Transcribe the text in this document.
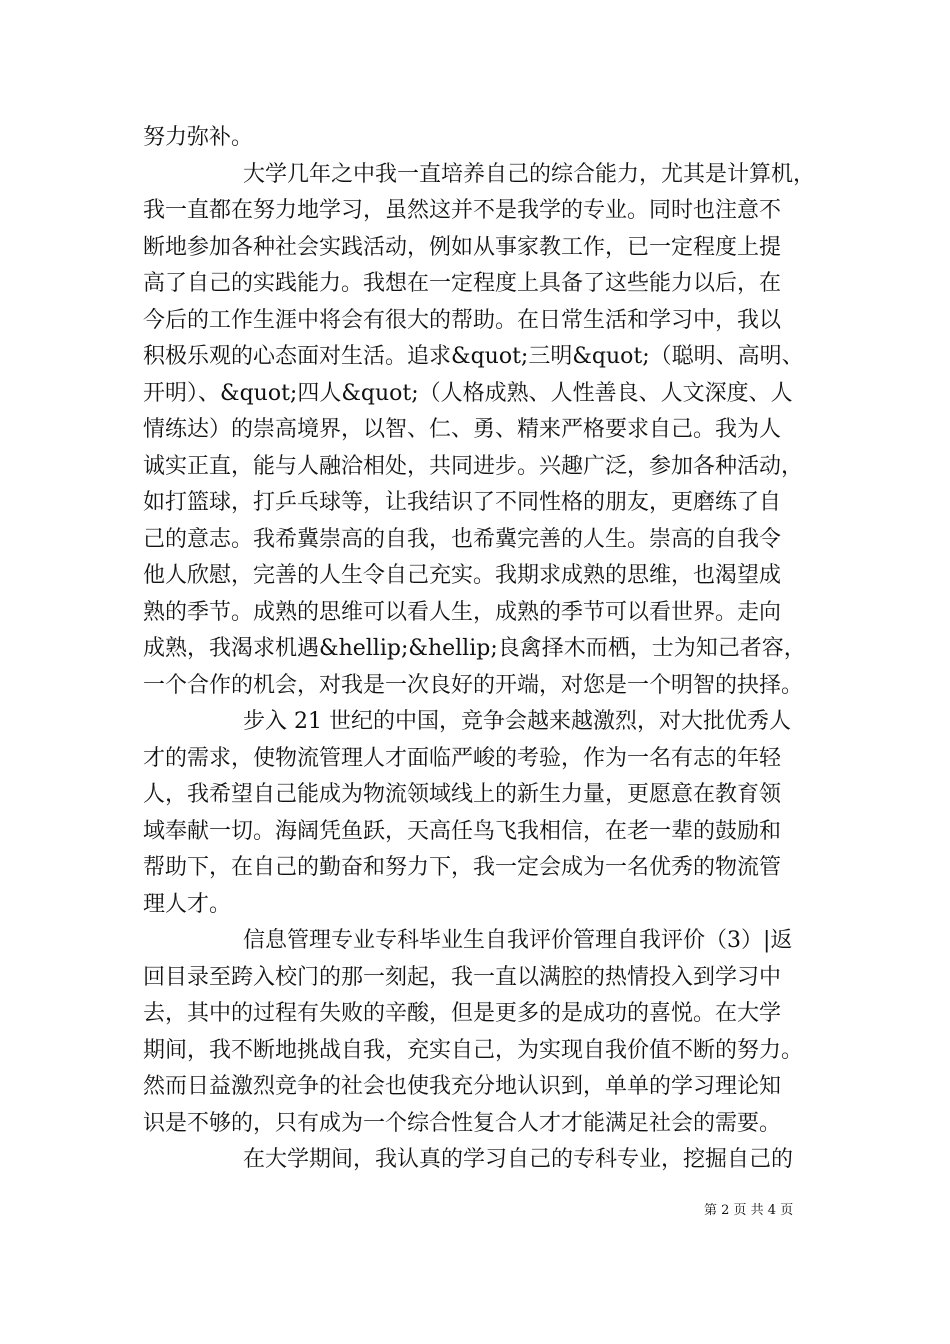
努力弥补。
大学几年之中我一直培养自己的综合能力，尤其是计算机，
我一直都在努力地学习，虽然这并不是我学的专业。同时也注意不
断地参加各种社会实践活动，例如从事家教工作，已一定程度上提
高了自己的实践能力。我想在一定程度上具备了这些能力以后，在
今后的工作生涯中将会有很大的帮助。在日常生活和学习中，我以
积极乐观的心态面对生活。追求&quot;三明&quot;（聪明、高明、
开明）、&quot;四人&quot;（人格成熟、人性善良、人文深度、人
情练达）的崇高境界，以智、仁、勇、精来严格要求自己。我为人
诚实正直，能与人融洽相处，共同进步。兴趣广泛，参加各种活动，
如打篮球，打乒乓球等，让我结识了不同性格的朋友，更磨练了自
己的意志。我希冀崇高的自我，也希冀完善的人生。崇高的自我令
他人欣慰，完善的人生令自己充实。我期求成熟的思维，也渴望成
熟的季节。成熟的思维可以看人生，成熟的季节可以看世界。走向
成熟，我渴求机遇&hellip;&hellip;良禽择木而栖，士为知己者容，
一个合作的机会，对我是一次良好的开端，对您是一个明智的抉择。
步入 21 世纪的中国，竞争会越来越激烈，对大批优秀人
才的需求，使物流管理人才面临严峻的考验，作为一名有志的年轻
人，我希望自己能成为物流领域线上的新生力量，更愿意在教育领
域奉献一切。海阔凭鱼跃，天高任鸟飞我相信，在老一辈的鼓励和
帮助下，在自己的勤奋和努力下，我一定会成为一名优秀的物流管
理人才。
信息管理专业专科毕业生自我评价管理自我评价（3）|返
回目录至跨入校门的那一刻起，我一直以满腔的热情投入到学习中
去，其中的过程有失败的辛酸，但是更多的是成功的喜悦。在大学
期间，我不断地挑战自我，充实自己，为实现自我价值不断的努力。
然而日益激烈竞争的社会也使我充分地认识到，单单的学习理论知
识是不够的，只有成为一个综合性复合人才才能满足社会的需要。
在大学期间，我认真的学习自己的专科专业，挖掘自己的
第 2 页 共 4 页
